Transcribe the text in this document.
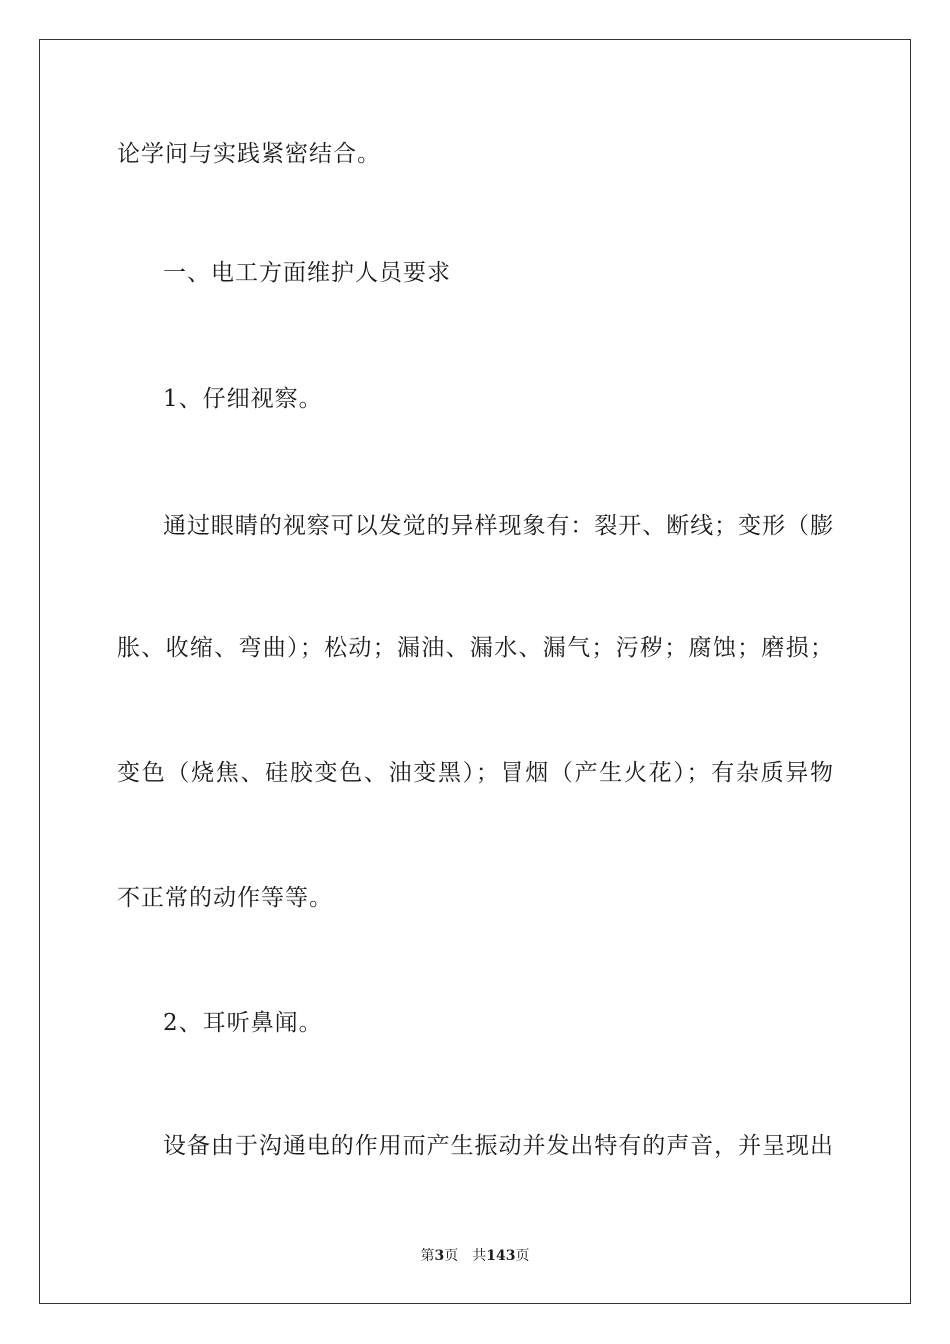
论学问与实践紧密结合。
一、电工方面维护人员要求
1、仔细视察。
通过眼睛的视察可以发觉的异样现象有：裂开、断线；变形（膨
胀、收缩、弯曲）；松动；漏油、漏水、漏气；污秽；腐蚀；磨损；
变色（烧焦、硅胶变色、油变黑）；冒烟（产生火花）；有杂质异物
不正常的动作等等。
2、耳听鼻闻。
设备由于沟通电的作用而产生振动并发出特有的声音，并呈现出
第3页 共143页
